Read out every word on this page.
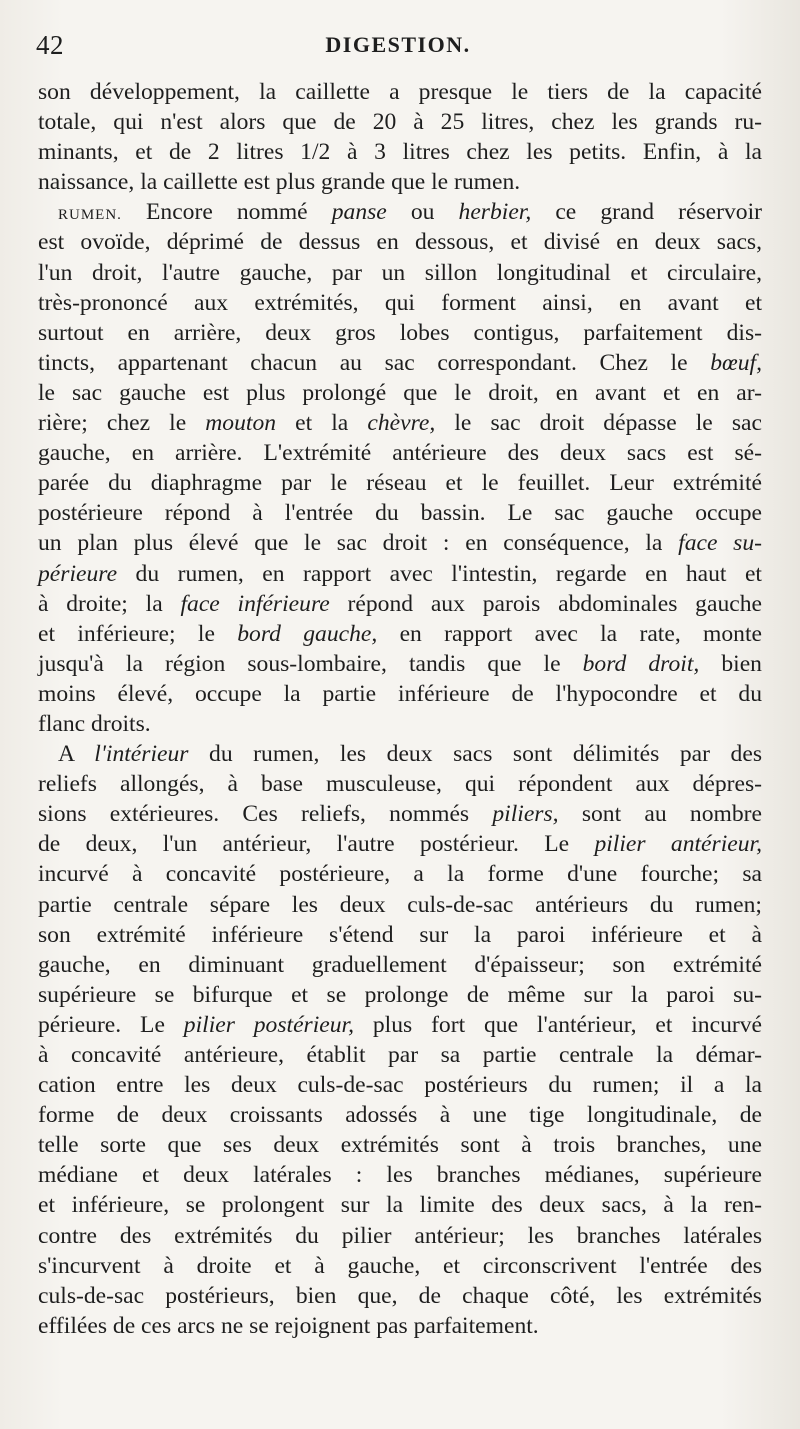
42	DIGESTION.
son développement, la caillette a presque le tiers de la capacité
totale, qui n'est alors que de 20 à 25 litres, chez les grands ru-
minants, et de 2 litres 1/2 à 3 litres chez les petits. Enfin, à la
naissance, la caillette est plus grande que le rumen.
RUMEN. Encore nommé panse ou herbier, ce grand réservoir
est ovoïde, déprimé de dessus en dessous, et divisé en deux sacs,
l'un droit, l'autre gauche, par un sillon longitudinal et circulaire,
très-prononcé aux extrémités, qui forment ainsi, en avant et
surtout en arrière, deux gros lobes contigus, parfaitement dis-
tincts, appartenant chacun au sac correspondant. Chez le bœuf,
le sac gauche est plus prolongé que le droit, en avant et en ar-
rière; chez le mouton et la chèvre, le sac droit dépasse le sac
gauche, en arrière. L'extrémité antérieure des deux sacs est sé-
parée du diaphragme par le réseau et le feuillet. Leur extrémité
postérieure répond à l'entrée du bassin. Le sac gauche occupe
un plan plus élevé que le sac droit : en conséquence, la face su-
périeure du rumen, en rapport avec l'intestin, regarde en haut et
à droite; la face inférieure répond aux parois abdominales gauche
et inférieure; le bord gauche, en rapport avec la rate, monte
jusqu'à la région sous-lombaire, tandis que le bord droit, bien
moins élevé, occupe la partie inférieure de l'hypocondre et du
flanc droits.
A l'intérieur du rumen, les deux sacs sont délimités par des
reliefs allongés, à base musculeuse, qui répondent aux dépres-
sions extérieures. Ces reliefs, nommés piliers, sont au nombre
de deux, l'un antérieur, l'autre postérieur. Le pilier antérieur,
incurvé à concavité postérieure, a la forme d'une fourche; sa
partie centrale sépare les deux culs-de-sac antérieurs du rumen;
son extrémité inférieure s'étend sur la paroi inférieure et à
gauche, en diminuant graduellement d'épaisseur; son extrémité
supérieure se bifurque et se prolonge de même sur la paroi su-
périeure. Le pilier postérieur, plus fort que l'antérieur, et incurvé
à concavité antérieure, établit par sa partie centrale la démar-
cation entre les deux culs-de-sac postérieurs du rumen; il a la
forme de deux croissants adossés à une tige longitudinale, de
telle sorte que ses deux extrémités sont à trois branches, une
médiane et deux latérales : les branches médianes, supérieure
et inférieure, se prolongent sur la limite des deux sacs, à la ren-
contre des extrémités du pilier antérieur; les branches latérales
s'incurvent à droite et à gauche, et circonscrivent l'entrée des
culs-de-sac postérieurs, bien que, de chaque côté, les extrémités
effilées de ces arcs ne se rejoignent pas parfaitement.
